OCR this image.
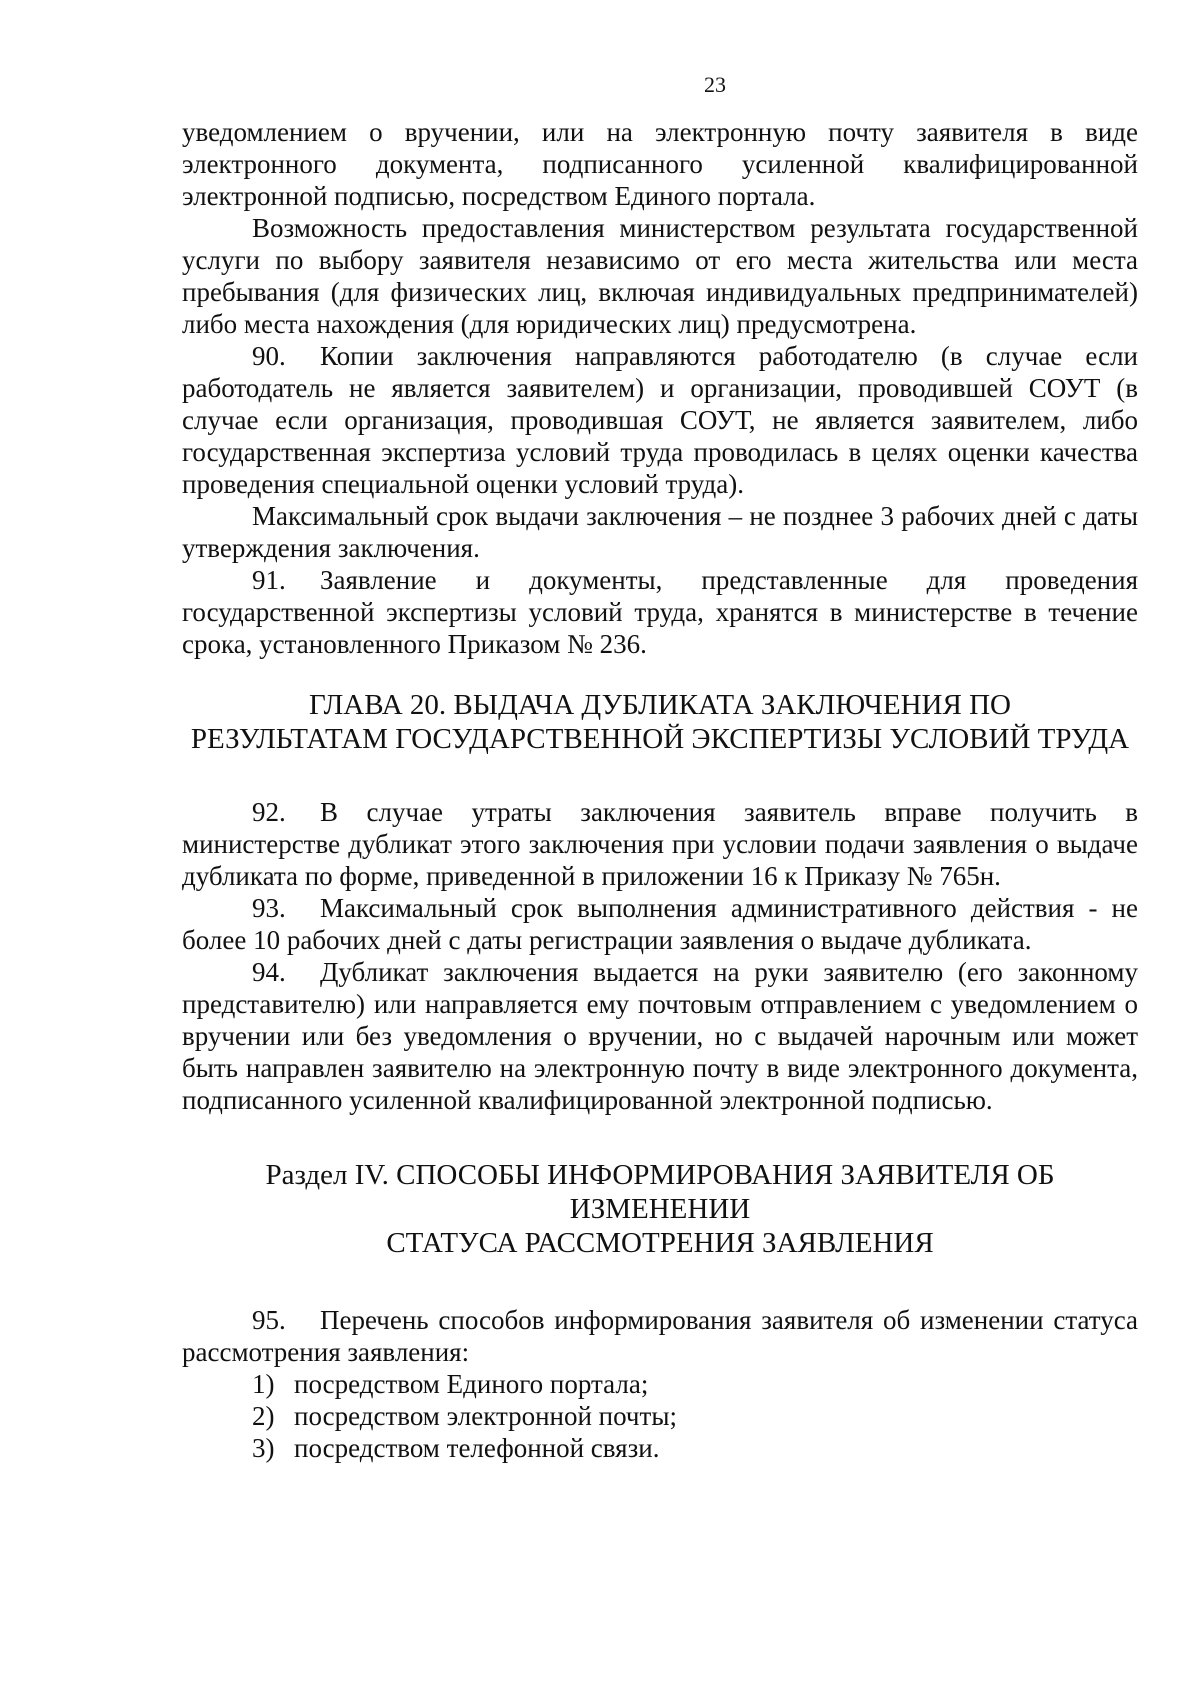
23

уведомлением о вручении, или на электронную почту заявителя в виде электронного документа, подписанного усиленной квалифицированной электронной подписью, посредством Единого портала.

Возможность предоставления министерством результата государственной услуги по выбору заявителя независимо от его места жительства или места пребывания (для физических лиц, включая индивидуальных предпринимателей) либо места нахождения (для юридических лиц) предусмотрена.

90. Копии заключения направляются работодателю (в случае если работодатель не является заявителем) и организации, проводившей СОУТ (в случае если организация, проводившая СОУТ, не является заявителем, либо государственная экспертиза условий труда проводилась в целях оценки качества проведения специальной оценки условий труда).

Максимальный срок выдачи заключения – не позднее 3 рабочих дней с даты утверждения заключения.

91. Заявление и документы, представленные для проведения государственной экспертизы условий труда, хранятся в министерстве в течение срока, установленного Приказом № 236.

ГЛАВА 20. ВЫДАЧА ДУБЛИКАТА ЗАКЛЮЧЕНИЯ ПО

РЕЗУЛЬТАТАМ ГОСУДАРСТВЕННОЙ ЭКСПЕРТИЗЫ УСЛОВИЙ ТРУДА

92. В случае утраты заключения заявитель вправе получить в министерстве дубликат этого заключения при условии подачи заявления о выдаче дубликата по форме, приведенной в приложении 16 к Приказу № 765н.

93. Максимальный срок выполнения административного действия - не более 10 рабочих дней с даты регистрации заявления о выдаче дубликата.

94. Дубликат заключения выдается на руки заявителю (его законному представителю) или направляется ему почтовым отправлением с уведомлением о вручении или без уведомления о вручении, но с выдачей нарочным или может быть направлен заявителю на электронную почту в виде электронного документа, подписанного усиленной квалифицированной электронной подписью.

Раздел IV. СПОСОБЫ ИНФОРМИРОВАНИЯ ЗАЯВИТЕЛЯ ОБ ИЗМЕНЕНИИ

СТАТУСА РАССМОТРЕНИЯ ЗАЯВЛЕНИЯ

95. Перечень способов информирования заявителя об изменении статуса рассмотрения заявления:

1) посредством Единого портала;
2) посредством электронной почты;
3) посредством телефонной связи.
